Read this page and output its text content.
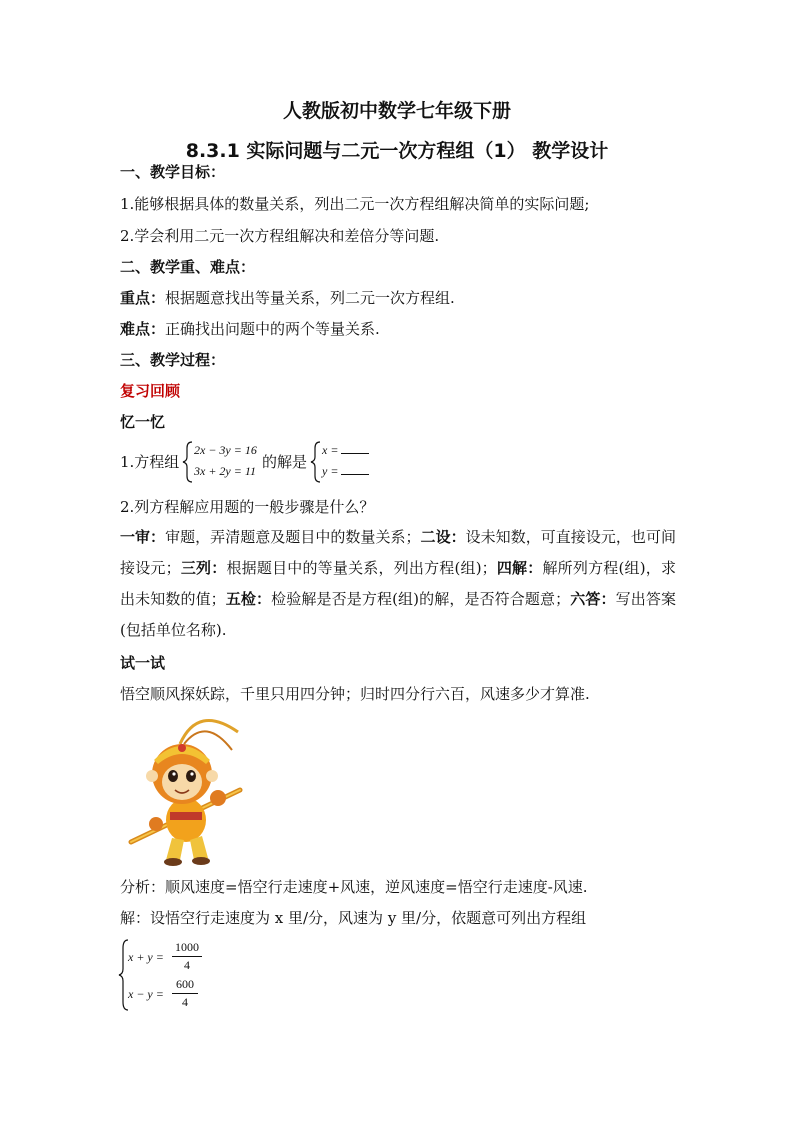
人教版初中数学七年级下册
8.3.1 实际问题与二元一次方程组（1） 教学设计
一、教学目标：
1.能够根据具体的数量关系，列出二元一次方程组解决简单的实际问题;
2.学会利用二元一次方程组解决和差倍分等问题.
二、教学重、难点：
重点：根据题意找出等量关系，列二元一次方程组.
难点：正确找出问题中的两个等量关系.
三、教学过程：
复习回顾
忆一忆
1.方程组
2x − 3y = 16
3x + 2y = 11 的解是
x =
y =
2.列方程解应用题的一般步骤是什么？
一审：审题，弄清题意及题目中的数量关系；二设：设未知数，可直接设元，也可间接设元；三列：根据题目中的等量关系，列出方程(组)；四解：解所列方程(组)，求出未知数的值；五检：检验解是否是方程(组)的解，是否符合题意；六答：写出答案(包括单位名称).
试一试
悟空顺风探妖踪，千里只用四分钟；归时四分行六百，风速多少才算准.
分析：顺风速度=悟空行走速度+风速，逆风速度=悟空行走速度-风速.
解：设悟空行走速度为 x 里/分，风速为 y 里/分，依题意可列出方程组
x + y =
1000
4
x − y =
600
4
